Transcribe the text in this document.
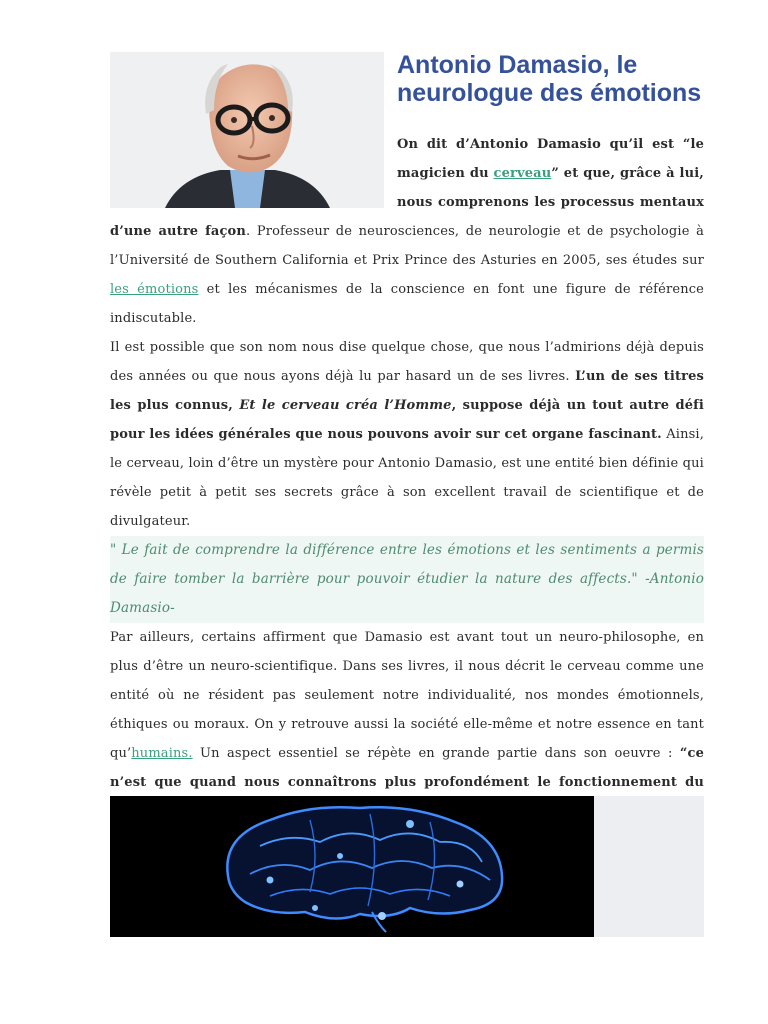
Antonio Damasio, le neurologue des émotions

On dit d’Antonio Damasio qu’il est “le magicien du cerveau” et que, grâce à lui, nous comprenons les processus mentaux d’une autre façon. Professeur de neurosciences, de neurologie et de psychologie à l’Université de Southern California et Prix Prince des Asturies en 2005, ses études sur les émotions et les mécanismes de la conscience en font une figure de référence indiscutable.

Il est possible que son nom nous dise quelque chose, que nous l’admirions déjà depuis des années ou que nous ayons déjà lu par hasard un de ses livres. L’un de ses titres les plus connus, Et le cerveau créa l’Homme, suppose déjà un tout autre défi pour les idées générales que nous pouvons avoir sur cet organe fascinant. Ainsi, le cerveau, loin d’être un mystère pour Antonio Damasio, est une entité bien définie qui révèle petit à petit ses secrets grâce à son excellent travail de scientifique et de divulgateur.

" Le fait de comprendre la différence entre les émotions et les sentiments a permis de faire tomber la barrière pour pouvoir étudier la nature des affects." -Antonio Damasio-

Par ailleurs, certains affirment que Damasio est avant tout un neuro-philosophe, en plus d’être un neuro-scientifique. Dans ses livres, il nous décrit le cerveau comme une entité où ne résident pas seulement notre individualité, nos mondes émotionnels, éthiques ou moraux. On y retrouve aussi la société elle-même et notre essence en tant qu’humains. Un aspect essentiel se répète en grande partie dans son oeuvre : “ce n’est que quand nous connaîtrons plus profondément le fonctionnement du
